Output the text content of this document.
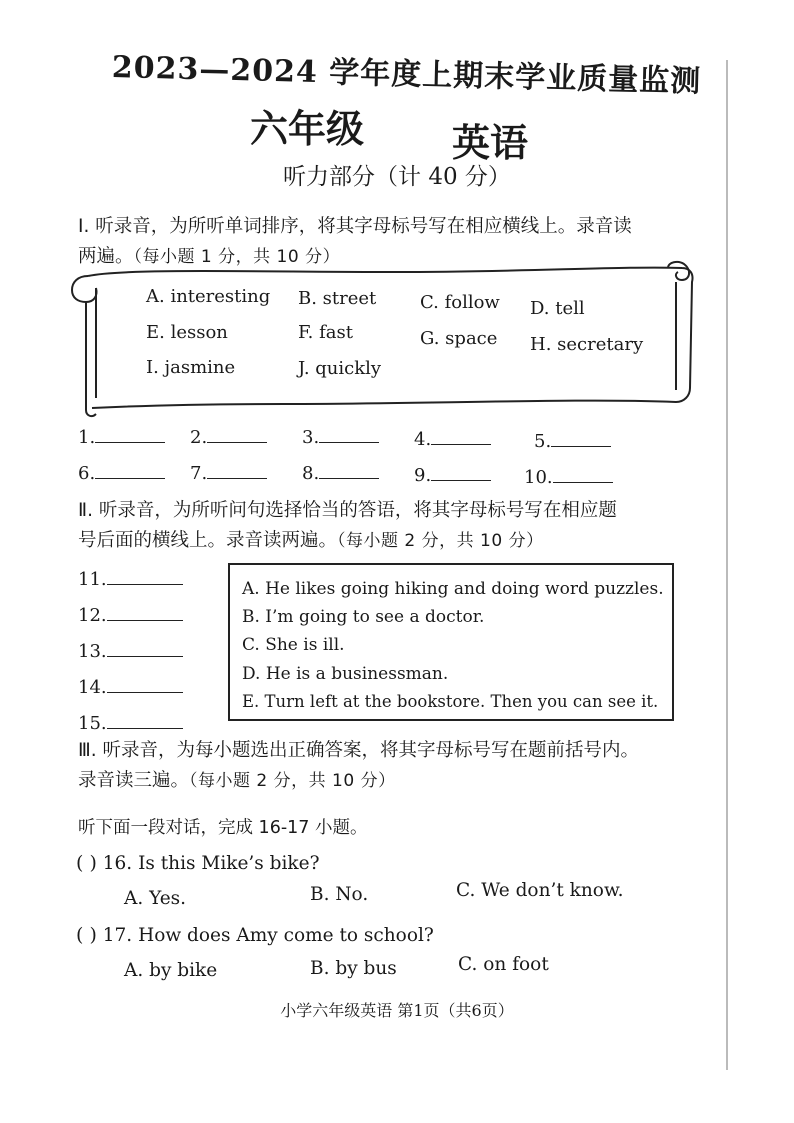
2023—2024 学年度上期末学业质量监测
六年级 英语
听力部分（计 40 分）
Ⅰ. 听录音，为所听单词排序，将其字母标号写在相应横线上。录音读
两遍。（每小题 1 分，共 10 分）
A. interesting B. street C. follow D. tell
E. lesson	F. fast	G. space H. secretary
I. jasmine	J. quickly
1.	2.	3.	4.	5.
6.	7.	8.	9.	10.
Ⅱ. 听录音，为所听问句选择恰当的答语，将其字母标号写在相应题
号后面的横线上。录音读两遍。（每小题 2 分，共 10 分）
11.
12.
13.
14.
15.
A. He likes going hiking and doing word puzzles.
B. I’m going to see a doctor.
C. She is ill.
D. He is a businessman.
E. Turn left at the bookstore. Then you can see it.
Ⅲ. 听录音，为每小题选出正确答案，将其字母标号写在题前括号内。
录音读三遍。（每小题 2 分，共 10 分）
听下面一段对话，完成 16-17 小题。
( ) 16. Is this Mike’s bike?
A. Yes.	B. No.	C. We don’t know.
( ) 17. How does Amy come to school?
A. by bike	B. by bus	C. on foot
小学六年级英语 第1页（共6页）
